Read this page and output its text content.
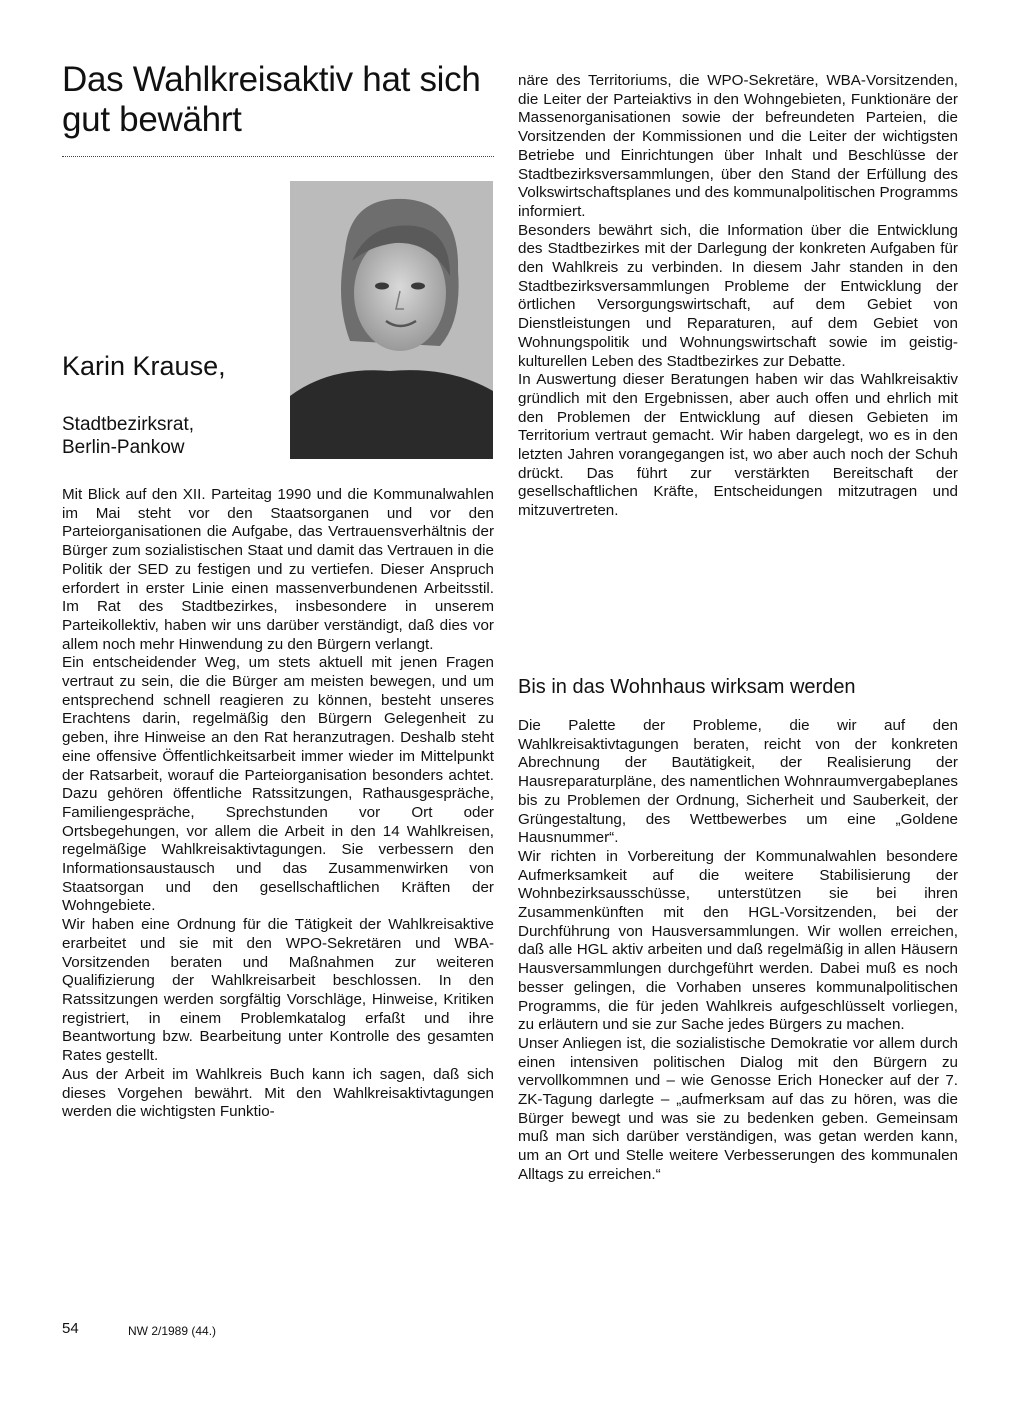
Das Wahlkreisaktiv hat sich gut bewährt
Karin Krause,
Stadtbezirksrat,
Berlin-Pankow

Mit Blick auf den XII. Parteitag 1990 und die Kommunalwahlen im Mai steht vor den Staatsorganen und vor den Parteiorganisationen die Aufgabe, das Vertrauensverhältnis der Bürger zum sozialistischen Staat und damit das Vertrauen in die Politik der SED zu festigen und zu vertiefen. Dieser Anspruch erfordert in erster Linie einen massenverbundenen Arbeitsstil. Im Rat des Stadtbezirkes, insbesondere in unserem Parteikollektiv, haben wir uns darüber verständigt, daß dies vor allem noch mehr Hinwendung zu den Bürgern verlangt.

Ein entscheidender Weg, um stets aktuell mit jenen Fragen vertraut zu sein, die die Bürger am meisten bewegen, und um entsprechend schnell reagieren zu können, besteht unseres Erachtens darin, regelmäßig den Bürgern Gelegenheit zu geben, ihre Hinweise an den Rat heranzutragen. Deshalb steht eine offensive Öffentlichkeitsarbeit immer wieder im Mittelpunkt der Ratsarbeit, worauf die Parteiorganisation besonders achtet. Dazu gehören öffentliche Ratssitzungen, Rathausgespräche, Familiengespräche, Sprechstunden vor Ort oder Ortsbegehungen, vor allem die Arbeit in den 14 Wahlkreisen, regelmäßige Wahlkreisaktivtagungen. Sie verbessern den Informationsaustausch und das Zusammenwirken von Staatsorgan und den gesellschaftlichen Kräften der Wohngebiete.

Wir haben eine Ordnung für die Tätigkeit der Wahlkreisaktive erarbeitet und sie mit den WPO-Sekretären und WBA-Vorsitzenden beraten und Maßnahmen zur weiteren Qualifizierung der Wahlkreisarbeit beschlossen. In den Ratssitzungen werden sorgfältig Vorschläge, Hinweise, Kritiken registriert, in einem Problemkatalog erfaßt und ihre Beantwortung bzw. Bearbeitung unter Kontrolle des gesamten Rates gestellt.

Aus der Arbeit im Wahlkreis Buch kann ich sagen, daß sich dieses Vorgehen bewährt. Mit den Wahlkreisaktivtagungen werden die wichtigsten Funktio-

näre des Territoriums, die WPO-Sekretäre, WBA-Vorsitzenden, die Leiter der Parteiaktivs in den Wohngebieten, Funktionäre der Massenorganisationen sowie der befreundeten Parteien, die Vorsitzenden der Kommissionen und die Leiter der wichtigsten Betriebe und Einrichtungen über Inhalt und Beschlüsse der Stadtbezirksversammlungen, über den Stand der Erfüllung des Volkswirtschaftsplanes und des kommunalpolitischen Programms informiert.

Besonders bewährt sich, die Information über die Entwicklung des Stadtbezirkes mit der Darlegung der konkreten Aufgaben für den Wahlkreis zu verbinden. In diesem Jahr standen in den Stadtbezirksversammlungen Probleme der Entwicklung der örtlichen Versorgungswirtschaft, auf dem Gebiet von Dienstleistungen und Reparaturen, auf dem Gebiet von Wohnungspolitik und Wohnungswirtschaft sowie im geistig-kulturellen Leben des Stadtbezirkes zur Debatte.

In Auswertung dieser Beratungen haben wir das Wahlkreisaktiv gründlich mit den Ergebnissen, aber auch offen und ehrlich mit den Problemen der Entwicklung auf diesen Gebieten im Territorium vertraut gemacht. Wir haben dargelegt, wo es in den letzten Jahren vorangegangen ist, wo aber auch noch der Schuh drückt. Das führt zur verstärkten Bereitschaft der gesellschaftlichen Kräfte, Entscheidungen mitzutragen und mitzuvertreten.

Bis in das Wohnhaus wirksam werden

Die Palette der Probleme, die wir auf den Wahlkreisaktivtagungen beraten, reicht von der konkreten Abrechnung der Bautätigkeit, der Realisierung der Hausreparaturpläne, des namentlichen Wohnraumvergabeplanes bis zu Problemen der Ordnung, Sicherheit und Sauberkeit, der Grüngestaltung, des Wettbewerbes um eine „Goldene Hausnummer“.

Wir richten in Vorbereitung der Kommunalwahlen besondere Aufmerksamkeit auf die weitere Stabilisierung der Wohnbezirksausschüsse, unterstützen sie bei ihren Zusammenkünften mit den HGL-Vorsitzenden, bei der Durchführung von Hausversammlungen. Wir wollen erreichen, daß alle HGL aktiv arbeiten und daß regelmäßig in allen Häusern Hausversammlungen durchgeführt werden. Dabei muß es noch besser gelingen, die Vorhaben unseres kommunalpolitischen Programms, die für jeden Wahlkreis aufgeschlüsselt vorliegen, zu erläutern und sie zur Sache jedes Bürgers zu machen.

Unser Anliegen ist, die sozialistische Demokratie vor allem durch einen intensiven politischen Dialog mit den Bürgern zu vervollkommnen und – wie Genosse Erich Honecker auf der 7. ZK-Tagung darlegte – „aufmerksam auf das zu hören, was die Bürger bewegt und was sie zu bedenken geben. Gemeinsam muß man sich darüber verständigen, was getan werden kann, um an Ort und Stelle weitere Verbesserungen des kommunalen Alltags zu erreichen.“

54	NW 2/1989 (44.)
